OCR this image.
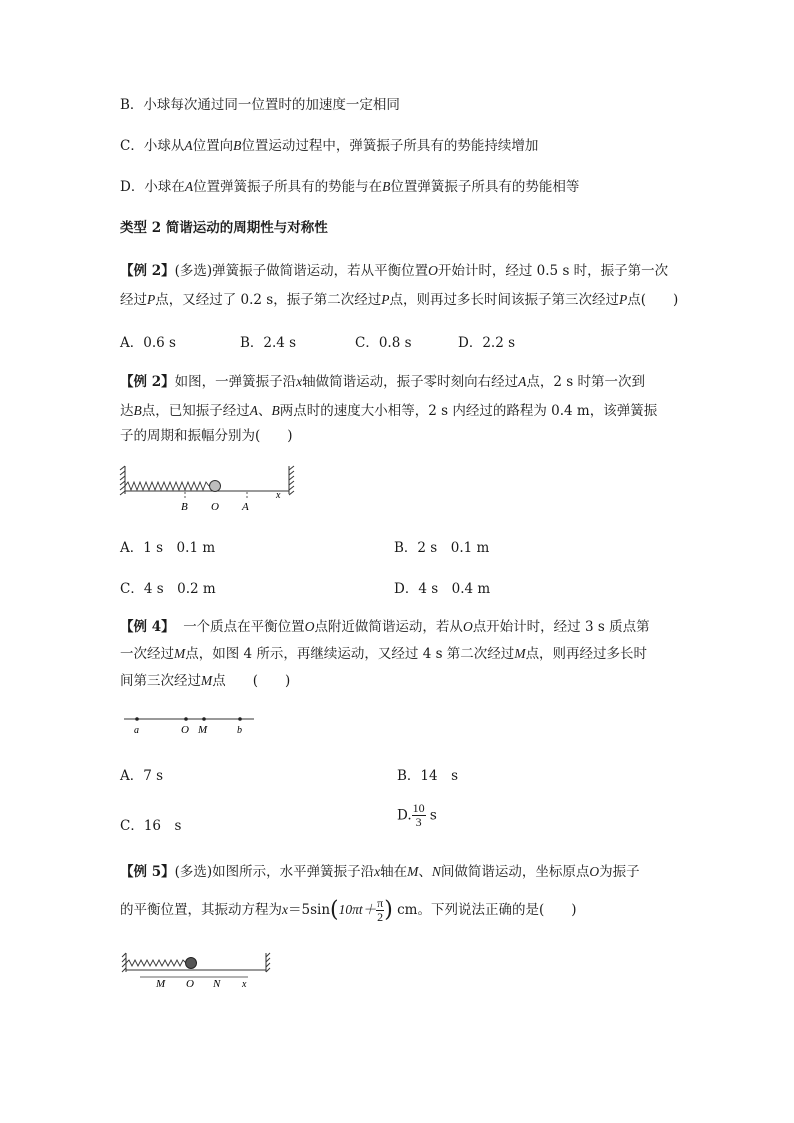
B．小球每次通过同一位置时的加速度一定相同
C．小球从A位置向B位置运动过程中，弹簧振子所具有的势能持续增加
D．小球在A位置弹簧振子所具有的势能与在B位置弹簧振子所具有的势能相等
类型 2 简谐运动的周期性与对称性
【例 2】(多选)弹簧振子做简谐运动，若从平衡位置O开始计时，经过 0.5 s 时，振子第一次
经过P点，又经过了 0.2 s，振子第二次经过P点，则再过多长时间该振子第三次经过P点(　　)
A．0.6 s	B．2.4 s	C．0.8 s	D．2.2 s
【例 2】如图，一弹簧振子沿x轴做简谐运动，振子零时刻向右经过A点，2 s 时第一次到
达B点，已知振子经过A、B两点时的速度大小相等，2 s 内经过的路程为 0.4 m，该弹簧振
子的周期和振幅分别为(　　)
B O A
x
A．1 s　0.1 m	B．2 s　0.1 m
C．4 s　0.2 m	D．4 s　0.4 m
【例 4】 一个质点在平衡位置O点附近做简谐运动，若从O点开始计时，经过 3 s 质点第
一次经过M点，如图 4 所示，再继续运动，又经过 4 s 第二次经过M点，则再经过多长时
间第三次经过M点　　(　　)
a	O M	b
A．7 s	B．14　s
C．16　s
D. $\frac{10}{3}$ s
【例 5】(多选)如图所示，水平弹簧振子沿x轴在M、N间做简谐运动，坐标原点O为振子
的平衡位置，其振动方程为$x=5\sin(10\pi t+ \frac{\pi}{2}$ ) cm。下列说法正确的是(　　)
M O N x
